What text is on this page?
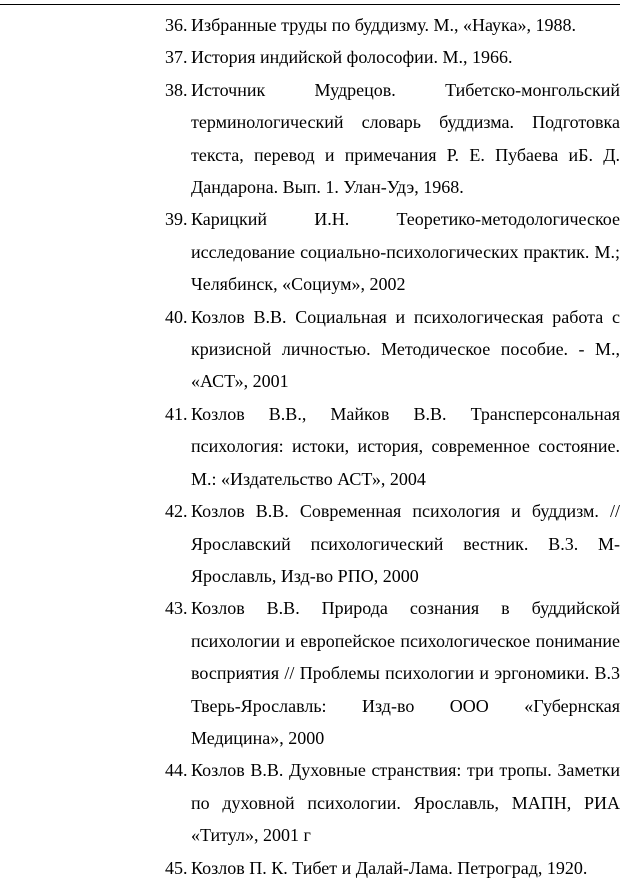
36. Избранные труды по буддизму. М., «Наука», 1988.
37. История индийской фолософии. М., 1966.
38. Источник Мудрецов. Тибетско-монгольский терминологический словарь буддизма. Подготовка текста, перевод и примечания Р. Е. Пубаева иБ. Д. Дандарона. Вып. 1. Улан-Удэ, 1968.
39. Карицкий И.Н. Теоретико-методологическое исследование социально-психологических практик. М.; Челябинск, «Социум», 2002
40. Козлов В.В. Социальная и психологическая работа с кризисной личностью. Методическое пособие. - М., «АСТ», 2001
41. Козлов В.В., Майков В.В. Трансперсональная психология: истоки, история, современное состояние. М.: «Издательство АСТ», 2004
42. Козлов В.В. Современная психология и буддизм. // Ярославский психологический вестник. В.3. М-Ярославль, Изд-во РПО, 2000
43. Козлов В.В. Природа сознания в буддийской психологии и европейское психологическое понимание восприятия // Проблемы психологии и эргономики. В.3 Тверь-Ярославль: Изд-во ООО «Губернская Медицина», 2000
44. Козлов В.В. Духовные странствия: три тропы. Заметки по духовной психологии. Ярославль, МАПН, РИА «Титул», 2001 г
45. Козлов П. К. Тибет и Далай-Лама. Петроград, 1920.
